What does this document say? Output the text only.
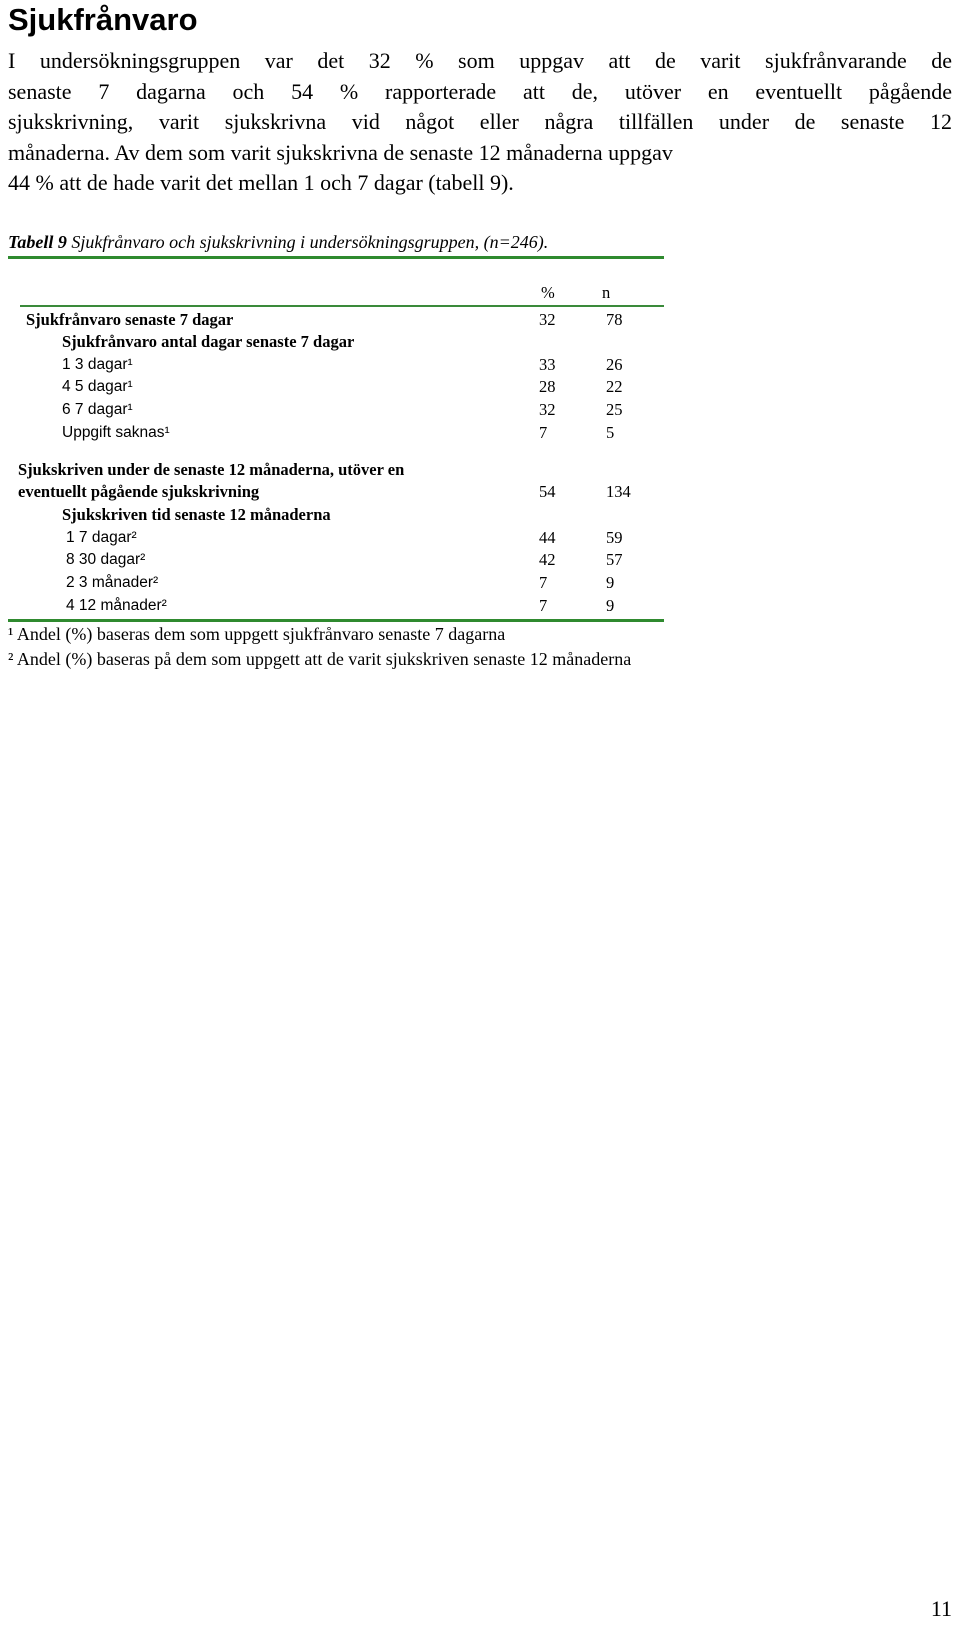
Sjukfrånvaro
I undersökningsgruppen var det 32 % som uppgav att de varit sjukfrånvarande de
senaste 7 dagarna och 54 % rapporterade att de, utöver en eventuellt pågående
sjukskrivning, varit sjukskrivna vid något eller några tillfällen under de senaste 12
månaderna. Av dem som varit sjukskrivna de senaste 12 månaderna uppgav
44 % att de hade varit det mellan 1 och 7 dagar (tabell 9).

Tabell 9 Sjukfrånvaro och sjukskrivning i undersökningsgruppen, (n=246).

%	n
Sjukfrånvaro senaste 7 dagar	32	78
Sjukfrånvaro antal dagar senaste 7 dagar
1 3 dagar¹	33	26
4 5 dagar¹	28	22
6 7 dagar¹	32	25
Uppgift saknas¹	7	5
Sjukskriven under de senaste 12 månaderna, utöver en
eventuellt pågående sjukskrivning	54	134
Sjukskriven tid senaste 12 månaderna
1 7 dagar²	44	59
8 30 dagar²	42	57
2 3 månader²	7	9
4 12 månader²	7	9
¹ Andel (%) baseras dem som uppgett sjukfrånvaro senaste 7 dagarna
² Andel (%) baseras på dem som uppgett att de varit sjukskriven senaste 12 månaderna
11
